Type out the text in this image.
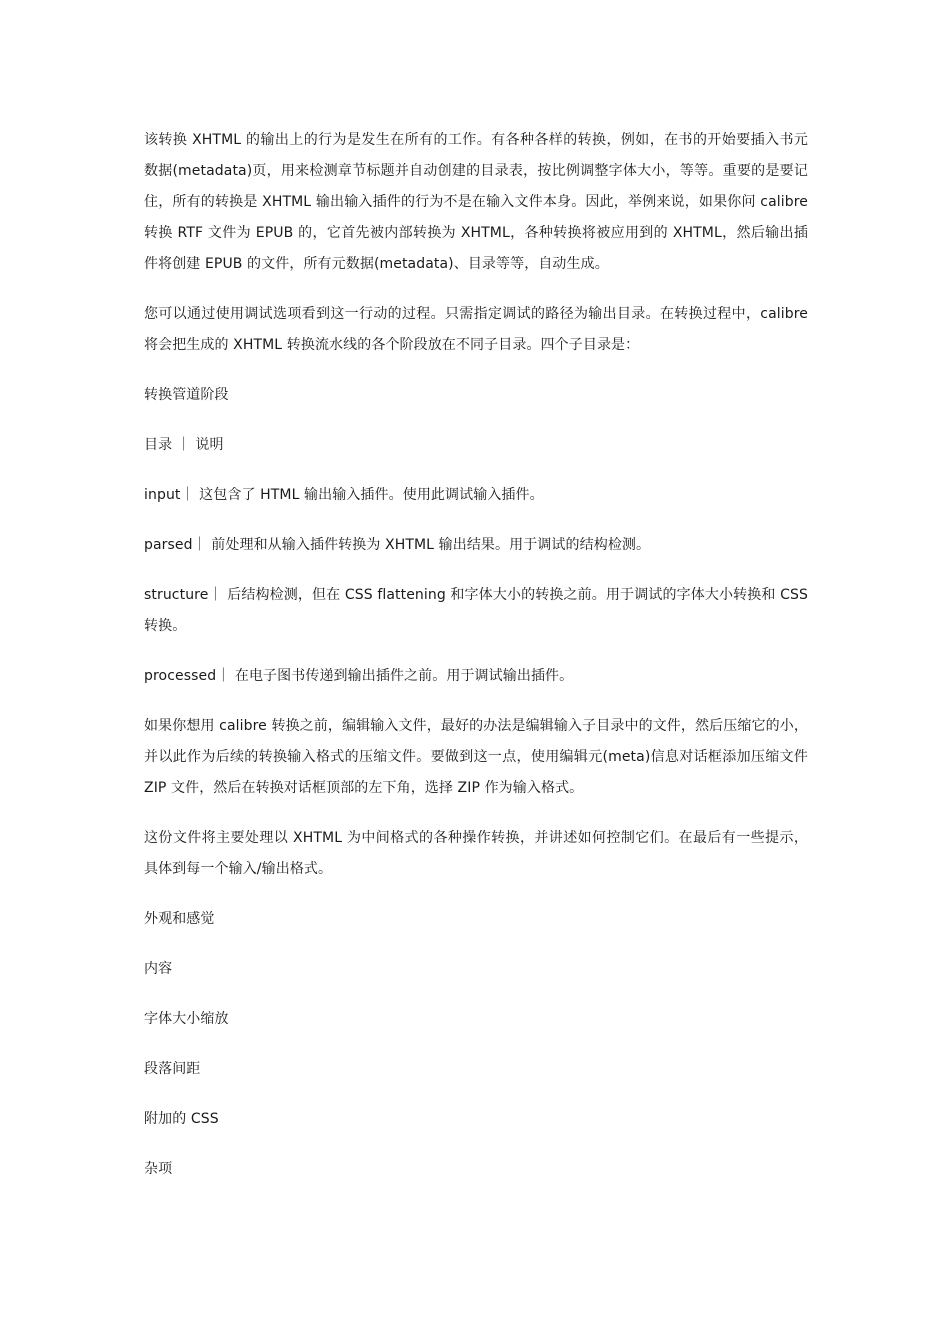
该转换 XHTML 的输出上的行为是发生在所有的工作。有各种各样的转换，例如，在书的开始要插入书元数据(metadata)页，用来检测章节标题并自动创建的目录表，按比例调整字体大小，等等。重要的是要记住，所有的转换是 XHTML 输出输入插件的行为不是在输入文件本身。因此，举例来说，如果你问 calibre 转换 RTF 文件为 EPUB 的，它首先被内部转换为 XHTML，各种转换将被应用到的 XHTML，然后输出插件将创建 EPUB 的文件，所有元数据(metadata)、目录等等，自动生成。

您可以通过使用调试选项看到这一行动的过程。只需指定调试的路径为输出目录。在转换过程中，calibre 将会把生成的 XHTML 转换流水线的各个阶段放在不同子目录。四个子目录是：

转换管道阶段

目录 ｜ 说明

input｜ 这包含了 HTML 输出输入插件。使用此调试输入插件。

parsed｜ 前处理和从输入插件转换为 XHTML 输出结果。用于调试的结构检测。

structure｜ 后结构检测，但在 CSS flattening 和字体大小的转换之前。用于调试的字体大小转换和 CSS 转换。

processed｜ 在电子图书传递到输出插件之前。用于调试输出插件。

如果你想用 calibre 转换之前，编辑输入文件，最好的办法是编辑输入子目录中的文件，然后压缩它的小，并以此作为后续的转换输入格式的压缩文件。要做到这一点，使用编辑元(meta)信息对话框添加压缩文件 ZIP 文件，然后在转换对话框顶部的左下角，选择 ZIP 作为输入格式。

这份文件将主要处理以 XHTML 为中间格式的各种操作转换，并讲述如何控制它们。在最后有一些提示，具体到每一个输入/输出格式。

外观和感觉

内容

字体大小缩放

段落间距

附加的 CSS

杂项
